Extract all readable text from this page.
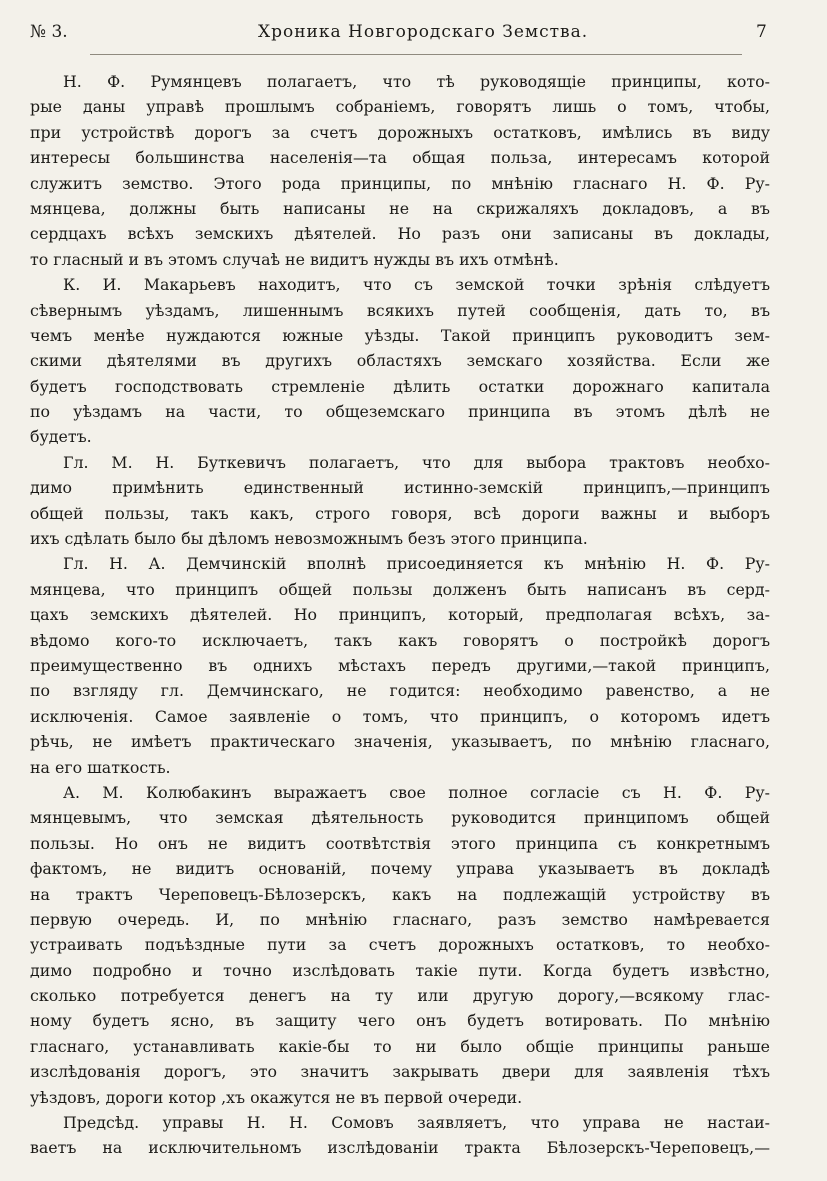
№ 3.	Хроника Новгородскаго Земства.	7
Н. Ф. Румянцевъ полагаетъ, что тѣ руководящіе принципы, кото-
рые даны управѣ прошлымъ собраніемъ, говорятъ лишь о томъ, чтобы,
при устройствѣ дорогъ за счетъ дорожныхъ остатковъ, имѣлись въ виду
интересы большинства населенія—та общая польза, интересамъ которой
служитъ земство. Этого рода принципы, по мнѣнію гласнаго Н. Ф. Ру-
мянцева, должны быть написаны не на скрижаляхъ докладовъ, а въ
сердцахъ всѣхъ земскихъ дѣятелей. Но разъ они записаны въ доклады,
то гласный и въ этомъ случаѣ не видитъ нужды въ ихъ отмѣнѣ.
К. И. Макарьевъ находитъ, что съ земской точки зрѣнія слѣдуетъ
сѣвернымъ уѣздамъ, лишеннымъ всякихъ путей сообщенія, дать то, въ
чемъ менѣе нуждаются южные уѣзды. Такой принципъ руководитъ зем-
скими дѣятелями въ другихъ областяхъ земскаго хозяйства. Если же
будетъ господствовать стремленіе дѣлить остатки дорожнаго капитала
по уѣздамъ на части, то общеземскаго принципа въ этомъ дѣлѣ не
будетъ.
Гл. М. Н. Буткевичъ полагаетъ, что для выбора трактовъ необхо-
димо примѣнить единственный истинно-земскій принципъ,—принципъ
общей пользы, такъ какъ, строго говоря, всѣ дороги важны и выборъ
ихъ сдѣлать было бы дѣломъ невозможнымъ безъ этого принципа.
Гл. Н. А. Демчинскій вполнѣ присоединяется къ мнѣнію Н. Ф. Ру-
мянцева, что принципъ общей пользы долженъ быть написанъ въ серд-
цахъ земскихъ дѣятелей. Но принципъ, который, предполагая всѣхъ, за-
вѣдомо кого-то исключаетъ, такъ какъ говорятъ о постройкѣ дорогъ
преимущественно въ однихъ мѣстахъ передъ другими,—такой принципъ,
по взгляду гл. Демчинскаго, не годится: необходимо равенство, а не
исключенія. Самое заявленіе о томъ, что принципъ, о которомъ идетъ
рѣчь, не имѣетъ практическаго значенія, указываетъ, по мнѣнію гласнаго,
на его шаткость.
А. М. Колюбакинъ выражаетъ свое полное согласіе съ Н. Ф. Ру-
мянцевымъ, что земская дѣятельность руководится принципомъ общей
пользы. Но онъ не видитъ соотвѣтствія этого принципа съ конкретнымъ
фактомъ, не видитъ основаній, почему управа указываетъ въ докладѣ
на трактъ Череповецъ-Бѣлозерскъ, какъ на подлежащій устройству въ
первую очередь. И, по мнѣнію гласнаго, разъ земство намѣревается
устраивать подъѣздные пути за счетъ дорожныхъ остатковъ, то необхо-
димо подробно и точно изслѣдовать такіе пути. Когда будетъ извѣстно,
сколько потребуется денегъ на ту или другую дорогу,—всякому глас-
ному будетъ ясно, въ защиту чего онъ будетъ вотировать. По мнѣнію
гласнаго, устанавливать какіе-бы то ни было общіе принципы раньше
изслѣдованія дорогъ, это значитъ закрывать двери для заявленія тѣхъ
уѣздовъ, дороги котор ,хъ окажутся не въ первой очереди.
Предсѣд. управы Н. Н. Сомовъ заявляетъ, что управа не настаи-
ваетъ на исключительномъ изслѣдованіи тракта Бѣлозерскъ-Череповецъ,—
